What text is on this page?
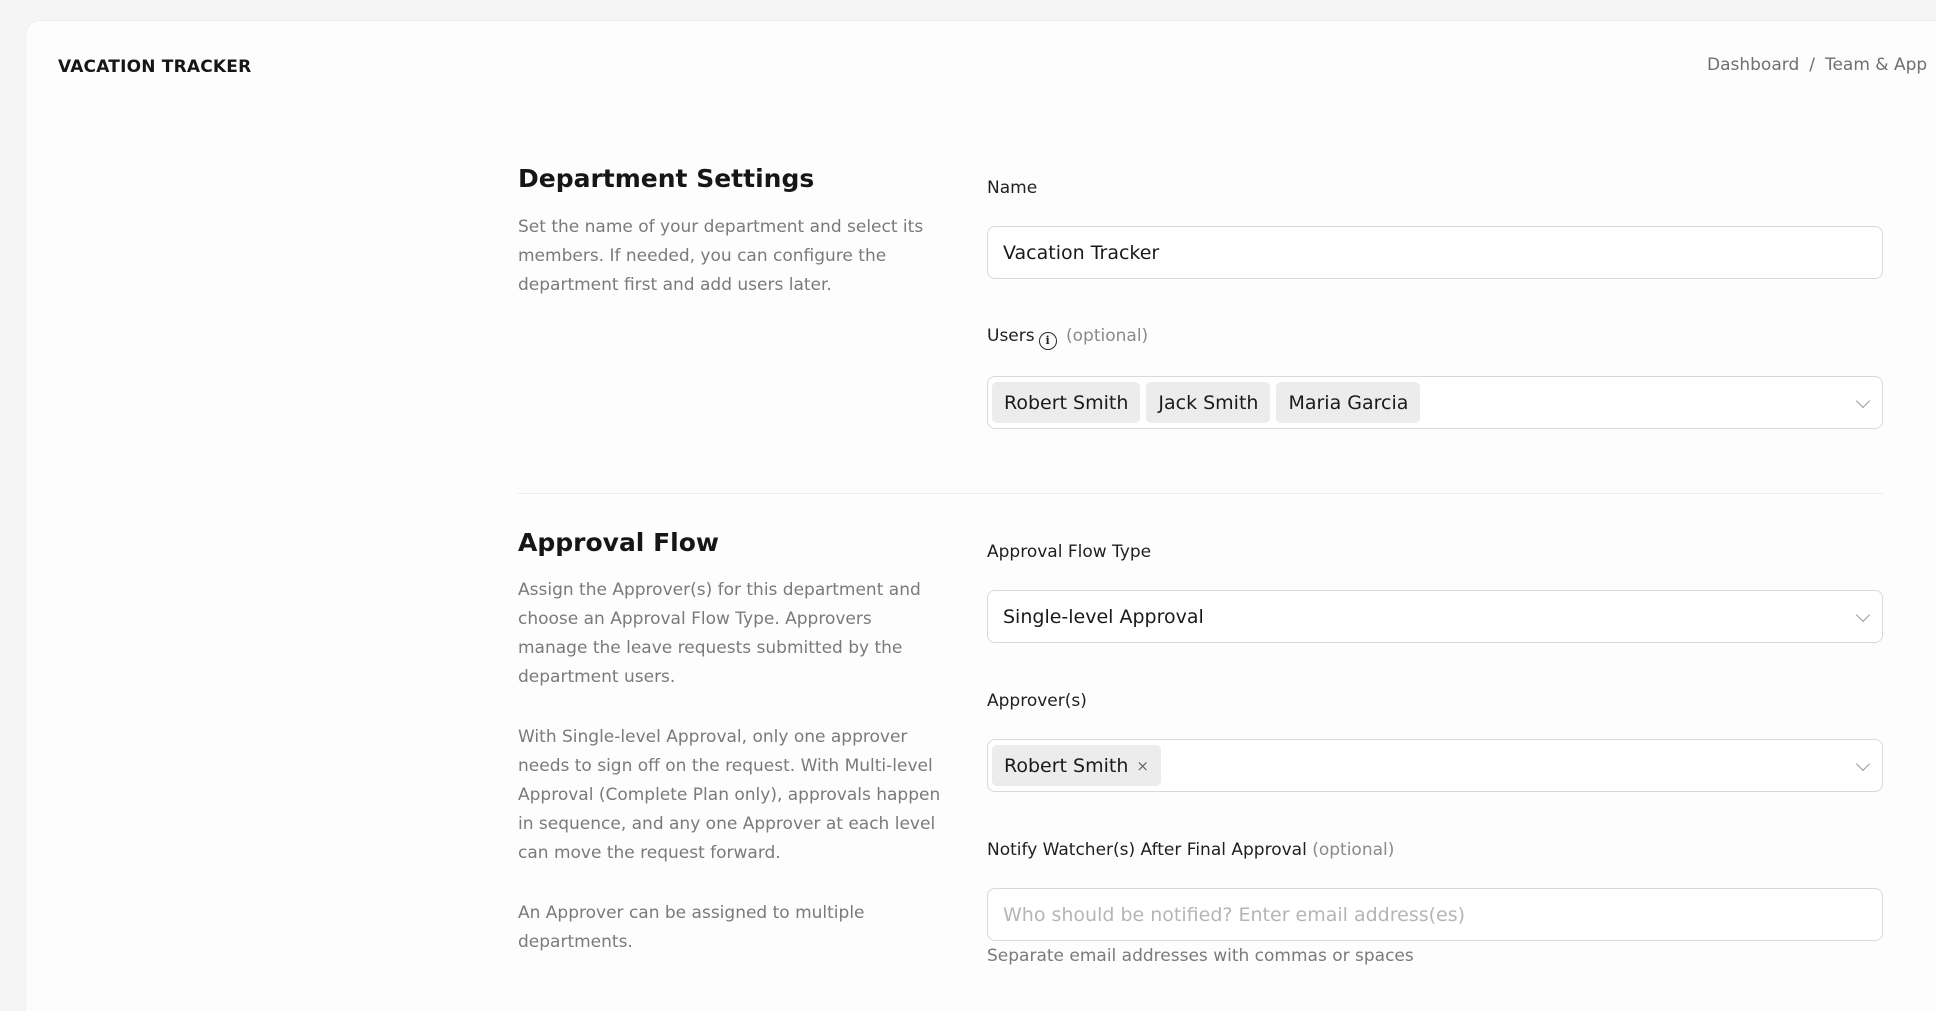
VACATION TRACKER	Dashboard / Team & App
Department Settings
Set the name of your department and select its members. If needed, you can configure the department first and add users later.
Name
Vacation Tracker
Users i (optional)
Robert Smith	Jack Smith	Maria Garcia
Approval Flow
Assign the Approver(s) for this department and choose an Approval Flow Type. Approvers manage the leave requests submitted by the department users.
With Single-level Approval, only one approver needs to sign off on the request. With Multi-level Approval (Complete Plan only), approvals happen in sequence, and any one Approver at each level can move the request forward.
An Approver can be assigned to multiple departments.
Approval Flow Type
Single-level Approval
Approver(s)
Robert Smith ×
Notify Watcher(s) After Final Approval (optional)
Who should be notified? Enter email address(es)
Separate email addresses with commas or spaces
